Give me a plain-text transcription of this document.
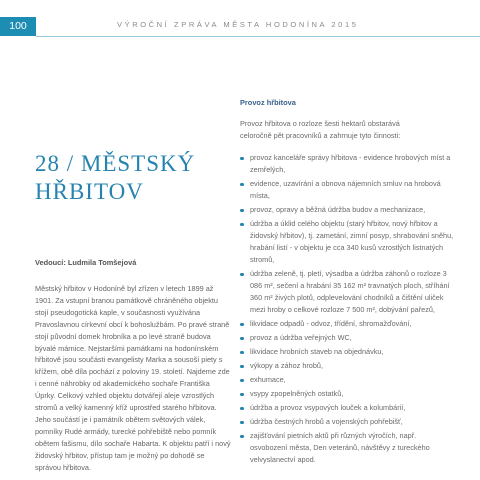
100	VÝROČNÍ ZPRÁVA MĚSTA HODONÍNA 2015
28 / MĚSTSKÝ
HŘBITOV
Vedoucí: Ludmila Tomšejová

Městský hřbitov v Hodoníně byl zřízen v letech 1899 až 1901. Za vstupní branou památkově chráněného objektu stojí pseudogotická kaple, v současnosti využívána Pravoslavnou církevní obcí k bohoslužbám. Po pravé straně stojí původní domek hrobníka a po levé straně budova bývalé márnice. Nejstaršími památkami na hodonínském hřbitově jsou součásti evangelisty Marka a sousoší piety s křížem, obě díla pochází z poloviny 19. století. Najdeme zde i cenné náhrobky od akademického sochaře Františka Úprky. Celkový vzhled objektu dotvářejí aleje vzrostlých stromů a velký kamenný kříž uprostřed starého hřbitova. Jeho součástí je i památník obětem světových válek, pomníky Rudé armády, turecké pohřebiště nebo pomník obětem fašismu, dílo sochaře Habarta. K objektu patří i nový židovský hřbitov, přístup tam je možný po dohodě se správou hřbitova.

Provoz hřbitova

Provoz hřbitova o rozloze šesti hektarů obstarává celoročně pět pracovníků a zahrnuje tyto činnosti:

provoz kanceláře správy hřbitova - evidence hrobových míst a zemřelých,
evidence, uzavírání a obnova nájemních smluv na hrobová místa,
provoz, opravy a běžná údržba budov a mechanizace,
údržba a úklid celého objektu (starý hřbitov, nový hřbitov a židovský hřbitov), tj. zametání, zimní posyp, shrabování sněhu, hrabání listí - v objektu je cca 340 kusů vzrostlých listnatých stromů,
údržba zeleně, tj. pletí, výsadba a údržba záhonů o rozloze 3 086 m², sečení a hrabání 35 162 m² travnatých ploch, stříhání 360 m² živých plotů, odplevelování chodníků a čištění uliček mezi hroby o celkové rozloze 7 500 m², dobývání pařezů,
likvidace odpadů - odvoz, třídění, shromažďování,
provoz a údržba veřejných WC,
likvidace hrobních staveb na objednávku,
výkopy a zához hrobů,
exhumace,
vsypy zpopelněných ostatků,
údržba a provoz vsypových louček a kolumbárií,
údržba čestných hrobů a vojenských pohřebišť,
zajišťování pietních aktů při různých výročích, např. osvobození města, Den veteránů, návštěvy z tureckého velvyslanectví apod.
